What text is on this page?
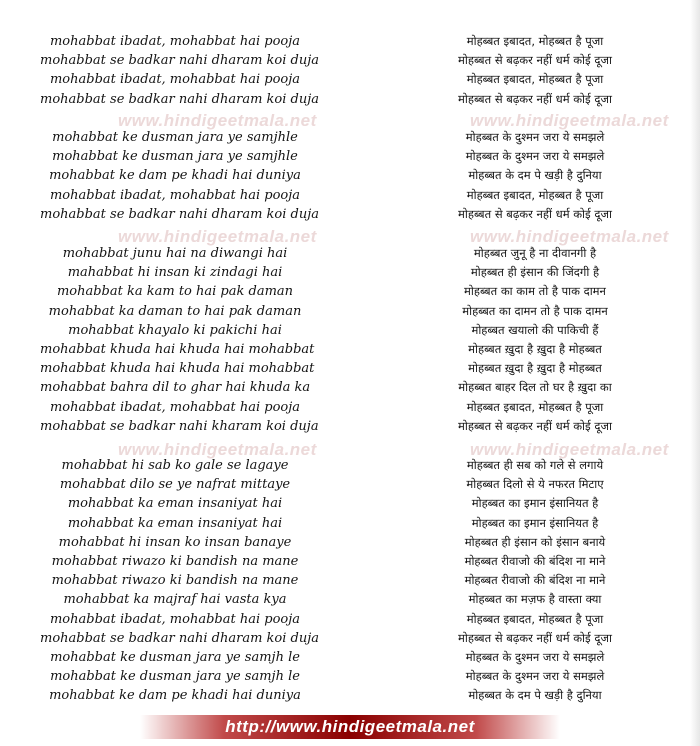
www.hindigeetmala.net	www.hindigeetmala.net
www.hindigeetmala.net	www.hindigeetmala.net
www.hindigeetmala.net	www.hindigeetmala.net
mohabbat ibadat, mohabbat hai pooja
mohabbat se badkar nahi dharam koi duja
mohabbat ibadat, mohabbat hai pooja
mohabbat se badkar nahi dharam koi duja
mohabbat ke dusman jara ye samjhle
mohabbat ke dusman jara ye samjhle
mohabbat ke dam pe khadi hai duniya
mohabbat ibadat, mohabbat hai pooja
mohabbat se badkar nahi dharam koi duja
mohabbat junu hai na diwangi hai
mahabbat hi insan ki zindagi hai
mohabbat ka kam to hai pak daman
mohabbat ka daman to hai pak daman
mohabbat khayalo ki pakichi hai
mohabbat khuda hai khuda hai mohabbat
mohabbat khuda hai khuda hai mohabbat
mohabbat bahra dil to ghar hai khuda ka
mohabbat ibadat, mohabbat hai pooja
mohabbat se badkar nahi kharam koi duja
mohabbat hi sab ko gale se lagaye
mohabbat dilo se ye nafrat mittaye
mohabbat ka eman insaniyat hai
mohabbat ka eman insaniyat hai
mohabbat hi insan ko insan banaye
mohabbat riwazo ki bandish na mane
mohabbat riwazo ki bandish na mane
mohabbat ka majraf hai vasta kya
mohabbat ibadat, mohabbat hai pooja
mohabbat se badkar nahi dharam koi duja
mohabbat ke dusman jara ye samjh le
mohabbat ke dusman jara ye samjh le
mohabbat ke dam pe khadi hai duniya
मोहब्बत इबादत, मोहब्बत है पूजा
मोहब्बत से बढ़कर नहीं धर्म कोई दूजा
मोहब्बत इबादत, मोहब्बत है पूजा
मोहब्बत से बढ़कर नहीं धर्म कोई दूजा
मोहब्बत के दुश्मन जरा ये समझले
मोहब्बत के दुश्मन जरा ये समझले
मोहब्बत के दम पे खड़ी है दुनिया
मोहब्बत इबादत, मोहब्बत है पूजा
मोहब्बत से बढ़कर नहीं धर्म कोई दूजा
मोहब्बत जुनू है ना दीवानगी है
मोहब्बत ही इंसान की जिंदगी है
मोहब्बत का काम तो है पाक दामन
मोहब्बत का दामन तो है पाक दामन
मोहब्बत खयालो की पाकिची हैं
मोहब्बत ख़ुदा है ख़ुदा है मोहब्बत
मोहब्बत ख़ुदा है ख़ुदा है मोहब्बत
मोहब्बत बाहर दिल तो घर है ख़ुदा का
मोहब्बत इबादत, मोहब्बत है पूजा
मोहब्बत से बढ़कर नहीं धर्म कोई दूजा
मोहब्बत ही सब को गले से लगाये
मोहब्बत दिलो से ये नफरत मिटाए
मोहब्बत का इमान इंसानियत है
मोहब्बत का इमान इंसानियत है
मोहब्बत ही इंसान को इंसान बनाये
मोहब्बत रीवाजो की बंदिश ना माने
मोहब्बत रीवाजो की बंदिश ना माने
मोहब्बत का मज़फ है वास्ता क्या
मोहब्बत इबादत, मोहब्बत है पूजा
मोहब्बत से बढ़कर नहीं धर्म कोई दूजा
मोहब्बत के दुश्मन जरा ये समझले
मोहब्बत के दुश्मन जरा ये समझले
मोहब्बत के दम पे खड़ी है दुनिया
http://www.hindigeetmala.net
